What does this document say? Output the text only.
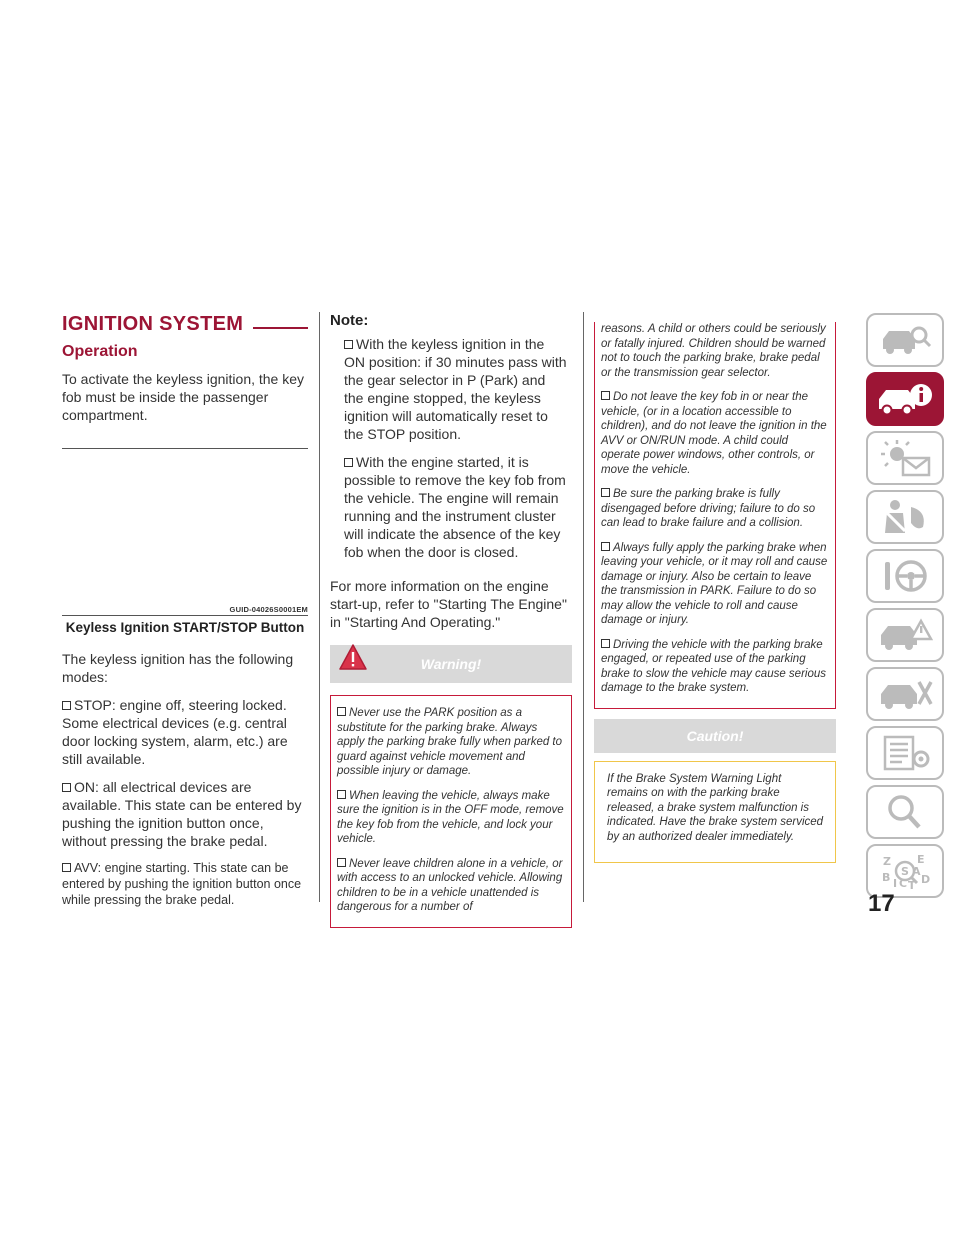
IGNITION SYSTEM
Operation

To activate the keyless ignition, the key fob must be inside the passenger compartment.

GUID-04026S0001EM
Keyless Ignition START/STOP Button

The keyless ignition has the following modes:

STOP: engine off, steering locked. Some electrical devices (e.g. central door locking system, alarm, etc.) are still available.
ON: all electrical devices are available. This state can be entered by pushing the ignition button once, without pressing the brake pedal.
AVV: engine starting. This state can be entered by pushing the ignition button once while pressing the brake pedal.
Note:
With the keyless ignition in the ON position: if 30 minutes pass with the gear selector in P (Park) and the engine stopped, the keyless ignition will automatically reset to the STOP position.
With the engine started, it is possible to remove the key fob from the vehicle. The engine will remain running and the instrument cluster will indicate the absence of the key fob when the door is closed.

For more information on the engine start-up, refer to "Starting The Engine" in "Starting And Operating."

Warning!
Never use the PARK position as a substitute for the parking brake. Always apply the parking brake fully when parked to guard against vehicle movement and possible injury or damage.
When leaving the vehicle, always make sure the ignition is in the OFF mode, remove the key fob from the vehicle, and lock your vehicle.
Never leave children alone in a vehicle, or with access to an unlocked vehicle. Allowing children to be in a vehicle unattended is dangerous for a number of
reasons. A child or others could be seriously or fatally injured. Children should be warned not to touch the parking brake, brake pedal or the transmission gear selector.
Do not leave the key fob in or near the vehicle, (or in a location accessible to children), and do not leave the ignition in the AVV or ON/RUN mode. A child could operate power windows, other controls, or move the vehicle.
Be sure the parking brake is fully disengaged before driving; failure to do so can lead to brake failure and a collision.
Always fully apply the parking brake when leaving your vehicle, or it may roll and cause damage or injury. Also be certain to leave the transmission in PARK. Failure to do so may allow the vehicle to roll and cause damage or injury.
Driving the vehicle with the parking brake engaged, or repeated use of the parking brake to slow the vehicle may cause serious damage to the brake system.
Caution!
If the Brake System Warning Light remains on with the parking brake released, a brake system malfunction is indicated. Have the brake system serviced by an authorized dealer immediately.
Z E
S A
B I C T D
17
